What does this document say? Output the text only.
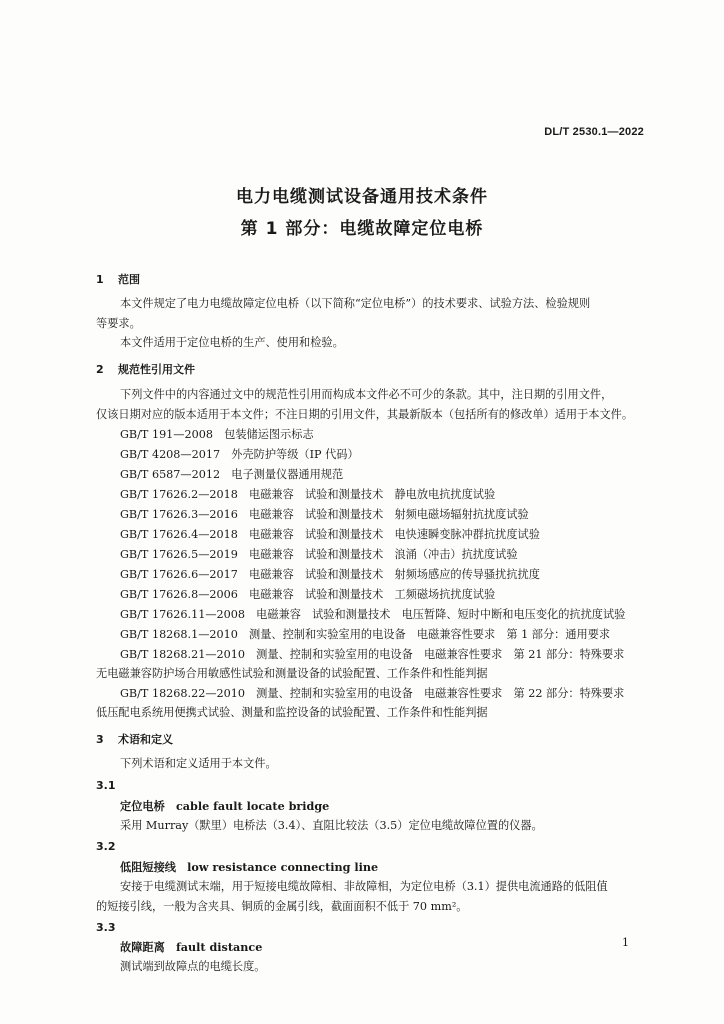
DL/T 2530.1—2022
电力电缆测试设备通用技术条件
第 1 部分：电缆故障定位电桥
1 范围
本文件规定了电力电缆故障定位电桥（以下简称“定位电桥”）的技术要求、试验方法、检验规则
等要求。
本文件适用于定位电桥的生产、使用和检验。
2 规范性引用文件
下列文件中的内容通过文中的规范性引用而构成本文件必不可少的条款。其中，注日期的引用文件，
仅该日期对应的版本适用于本文件；不注日期的引用文件，其最新版本（包括所有的修改单）适用于本文件。
GB/T 191—2008　包装储运图示标志
GB/T 4208—2017　外壳防护等级（IP 代码）
GB/T 6587—2012　电子测量仪器通用规范
GB/T 17626.2—2018　电磁兼容　试验和测量技术　静电放电抗扰度试验
GB/T 17626.3—2016　电磁兼容　试验和测量技术　射频电磁场辐射抗扰度试验
GB/T 17626.4—2018　电磁兼容　试验和测量技术　电快速瞬变脉冲群抗扰度试验
GB/T 17626.5—2019　电磁兼容　试验和测量技术　浪涌（冲击）抗扰度试验
GB/T 17626.6—2017　电磁兼容　试验和测量技术　射频场感应的传导骚扰抗扰度
GB/T 17626.8—2006　电磁兼容　试验和测量技术　工频磁场抗扰度试验
GB/T 17626.11—2008　电磁兼容　试验和测量技术　电压暂降、短时中断和电压变化的抗扰度试验
GB/T 18268.1—2010　测量、控制和实验室用的电设备　电磁兼容性要求　第 1 部分：通用要求
GB/T 18268.21—2010　测量、控制和实验室用的电设备　电磁兼容性要求　第 21 部分：特殊要求
无电磁兼容防护场合用敏感性试验和测量设备的试验配置、工作条件和性能判据
GB/T 18268.22—2010　测量、控制和实验室用的电设备　电磁兼容性要求　第 22 部分：特殊要求
低压配电系统用便携式试验、测量和监控设备的试验配置、工作条件和性能判据
3 术语和定义
下列术语和定义适用于本文件。
3.1
定位电桥　 cable fault locate bridge
采用 Murray（默里）电桥法（3.4）、直阻比较法（3.5）定位电缆故障位置的仪器。
3.2
低阻短接线　 low resistance connecting line
安接于电缆测试末端，用于短接电缆故障相、非故障相，为定位电桥（3.1）提供电流通路的低阻值
的短接引线，一般为含夹具、铜质的金属引线，截面面积不低于 70 mm²。
3.3
故障距离　 fault distance
测试端到故障点的电缆长度。
1
